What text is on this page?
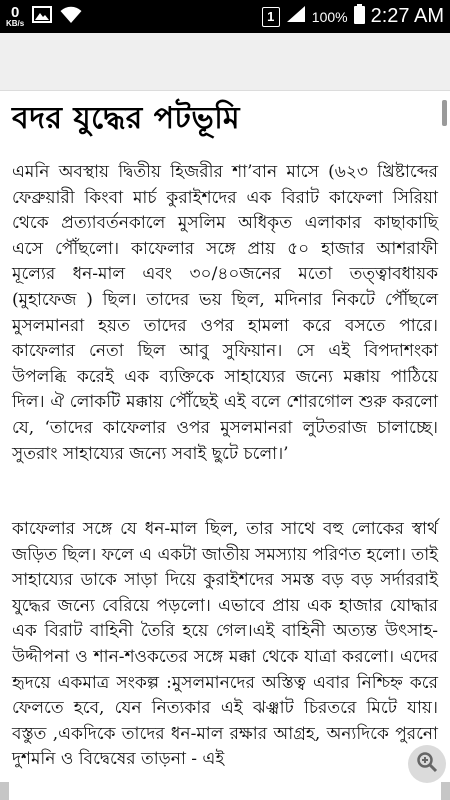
0
KB/s	1	100% 2:27 AM
বদর যুদ্ধের পটভূমি

এমনি অবস্থায় দ্বিতীয় হিজরীর শা’বান মাসে (৬২৩ খ্রিষ্টাব্দের ফেব্রুয়ারী কিংবা মার্চ কুরাইশদের এক বিরাট কাফেলা সিরিয়া থেকে প্রত্যাবর্তনকালে মুসলিম অধিকৃত এলাকার কাছাকাছি এসে পৌঁছলো। কাফেলার সঙ্গে প্রায় ৫০ হাজার আশরাফী মূল্যের ধন-মাল এবং ৩০/৪০জনের মতো তত্ত্বাবধায়ক (মুহাফেজ ) ছিল। তাদের ভয় ছিল, মদিনার নিকটে পৌঁছলে মুসলমানরা হয়ত তাদের ওপর হামলা করে বসতে পারে। কাফেলার নেতা ছিল আবু সুফিয়ান। সে এই বিপদাশংকা উপলব্ধি করেই এক ব্যক্তিকে সাহায্যের জন্যে মক্কায় পাঠিয়ে দিল। ঐ লোকটি মক্কায় পৌঁছেই এই বলে শোরগোল শুরু করলো যে, ‘তাদের কাফেলার ওপর মুসলমানরা লুটতরাজ চালাচ্ছে। সুতরাং সাহায্যের জন্যে সবাই ছুটে চলো।’

কাফেলার সঙ্গে যে ধন-মাল ছিল, তার সাথে বহু লোকের স্বার্থ জড়িত ছিল। ফলে এ একটা জাতীয় সমস্যায় পরিণত হলো। তাই সাহায্যের ডাকে সাড়া দিয়ে কুরাইশদের সমস্ত বড় বড় সর্দাররাই যুদ্ধের জন্যে বেরিয়ে পড়লো। এভাবে প্রায় এক হাজার যোদ্ধার এক বিরাট বাহিনী তৈরি হয়ে গেল।এই বাহিনী অত্যন্ত উৎসাহ-উদ্দীপনা ও শান-শওকতের সঙ্গে মক্কা থেকে যাত্রা করলো। এদের হৃদয়ে একমাত্র সংকল্প :মুসলমানদের অস্তিত্ব এবার নিশ্চিহ্ন করে ফেলতে হবে, যেন নিত্যকার এই ঝঞ্ঝাট চিরতরে মিটে যায়। বস্তুত ,একদিকে তাদের ধন-মাল রক্ষার আগ্রহ, অন্যদিকে পুরনো দুশমনি ও বিদ্বেষের তাড়না - এই
